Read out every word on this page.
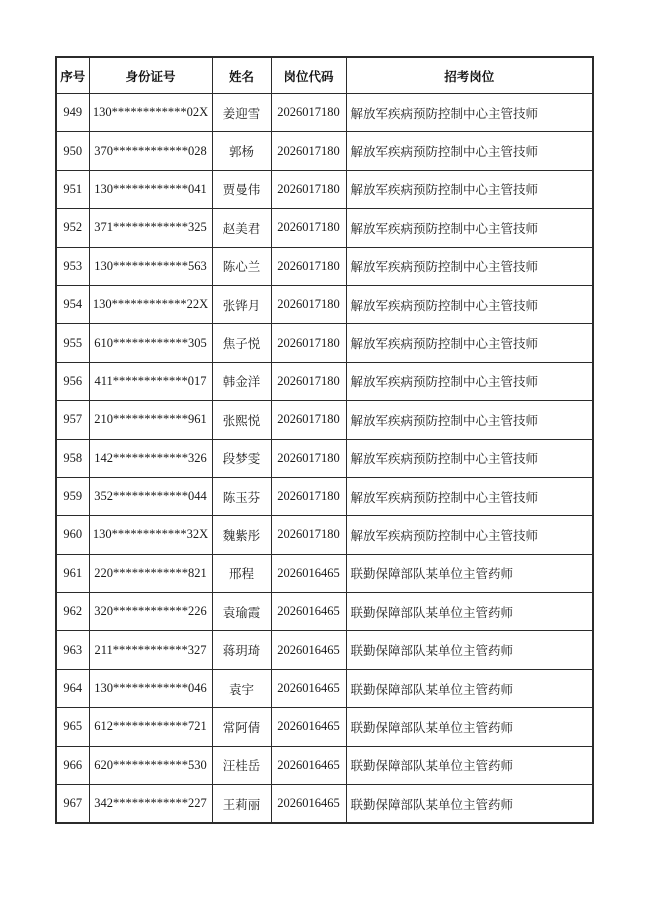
序号	身份证号	姓名	岗位代码	招考岗位
949	130************02X	姜迎雪	2026017180	解放军疾病预防控制中心主管技师
950	370************028	郭杨	2026017180	解放军疾病预防控制中心主管技师
951	130************041	贾曼伟	2026017180	解放军疾病预防控制中心主管技师
952	371************325	赵美君	2026017180	解放军疾病预防控制中心主管技师
953	130************563	陈心兰	2026017180	解放军疾病预防控制中心主管技师
954	130************22X	张铧月	2026017180	解放军疾病预防控制中心主管技师
955	610************305	焦子悦	2026017180	解放军疾病预防控制中心主管技师
956	411************017	韩金洋	2026017180	解放军疾病预防控制中心主管技师
957	210************961	张熙悦	2026017180	解放军疾病预防控制中心主管技师
958	142************326	段梦雯	2026017180	解放军疾病预防控制中心主管技师
959	352************044	陈玉芬	2026017180	解放军疾病预防控制中心主管技师
960	130************32X	魏紫彤	2026017180	解放军疾病预防控制中心主管技师
961	220************821	邢程	2026016465	联勤保障部队某单位主管药师
962	320************226	袁瑜霞	2026016465	联勤保障部队某单位主管药师
963	211************327	蒋玥琦	2026016465	联勤保障部队某单位主管药师
964	130************046	袁宇	2026016465	联勤保障部队某单位主管药师
965	612************721	常阿倩	2026016465	联勤保障部队某单位主管药师
966	620************530	汪桂岳	2026016465	联勤保障部队某单位主管药师
967	342************227	王莉丽	2026016465	联勤保障部队某单位主管药师
